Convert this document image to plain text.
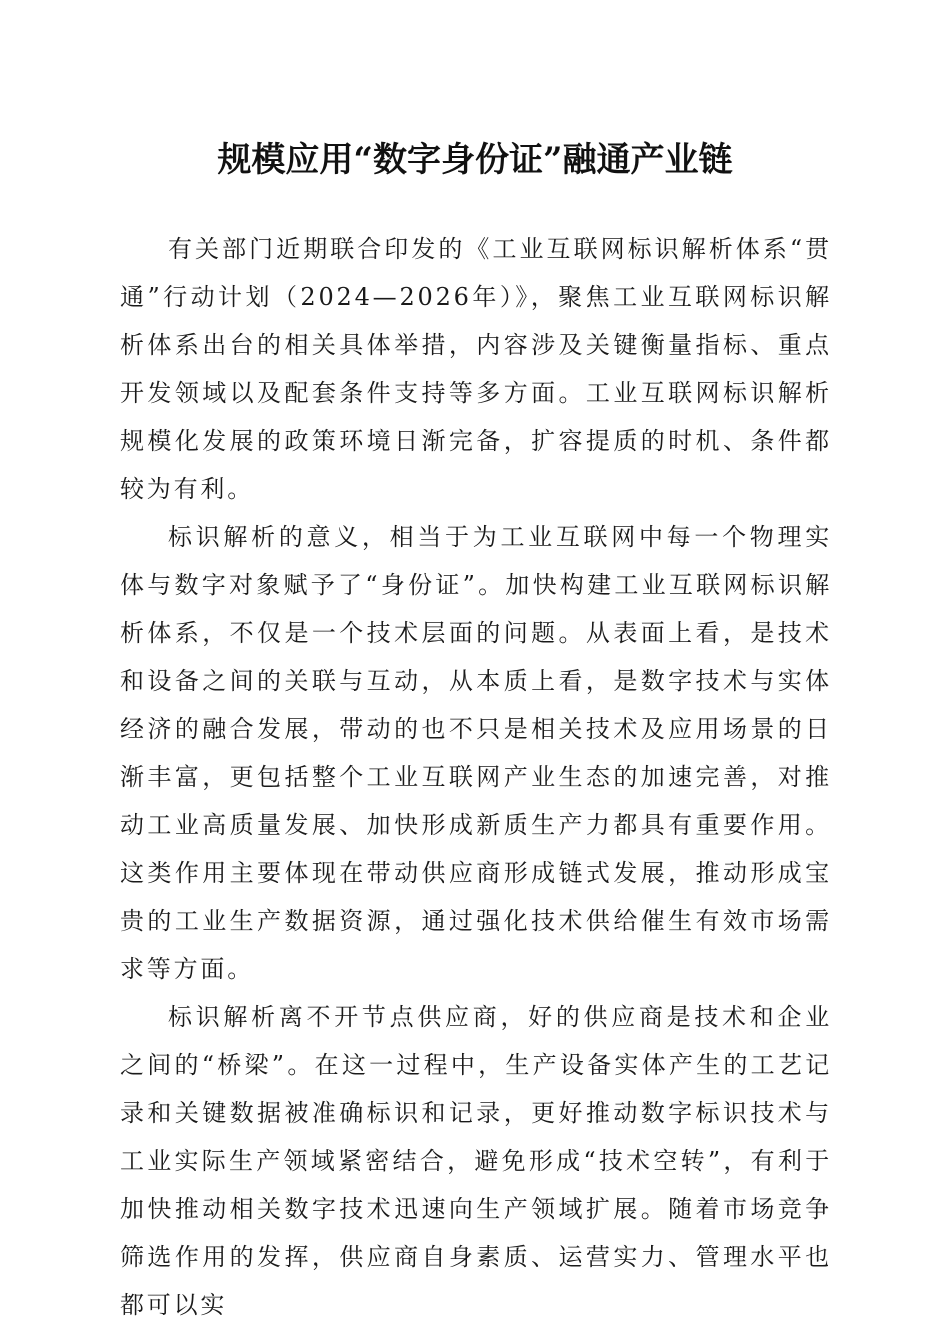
规模应用“数字身份证”融通产业链

有关部门近期联合印发的《工业互联网标识解析体系“贯通”行动计划（2024—2026年）》，聚焦工业互联网标识解析体系出台的相关具体举措，内容涉及关键衡量指标、重点开发领域以及配套条件支持等多方面。工业互联网标识解析规模化发展的政策环境日渐完备，扩容提质的时机、条件都较为有利。

标识解析的意义，相当于为工业互联网中每一个物理实体与数字对象赋予了“身份证”。加快构建工业互联网标识解析体系，不仅是一个技术层面的问题。从表面上看，是技术和设备之间的关联与互动，从本质上看，是数字技术与实体经济的融合发展，带动的也不只是相关技术及应用场景的日渐丰富，更包括整个工业互联网产业生态的加速完善，对推动工业高质量发展、加快形成新质生产力都具有重要作用。这类作用主要体现在带动供应商形成链式发展，推动形成宝贵的工业生产数据资源，通过强化技术供给催生有效市场需求等方面。

标识解析离不开节点供应商，好的供应商是技术和企业之间的“桥梁”。在这一过程中，生产设备实体产生的工艺记录和关键数据被准确标识和记录，更好推动数字标识技术与工业实际生产领域紧密结合，避免形成“技术空转”，有利于加快推动相关数字技术迅速向生产领域扩展。随着市场竞争筛选作用的发挥，供应商自身素质、运营实力、管理水平也都可以实
